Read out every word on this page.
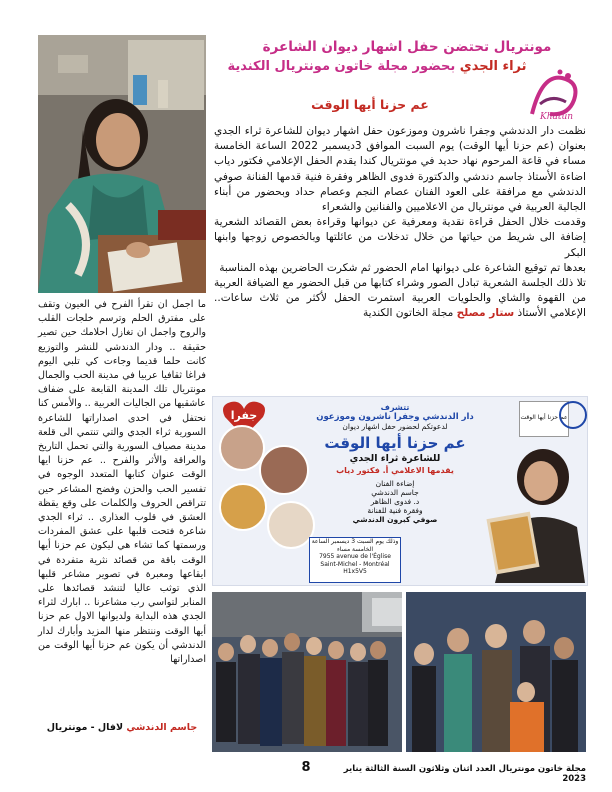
مونتريال تحتضن حفل اشهار ديوان الشاعرة
ثراء الجدي بحضور مجلة خاتون مونتريال الكندية
عم حزنا أيها الوقت
Khatun

نظمت دار الدندشي وجفرا ناشرون وموزعون حفل اشهار ديوان للشاعرة ثراء الجدي بعنوان (عم حزنا أيها الوقت) يوم السبت الموافق 3ديسمبر 2022 الساعة الخامسة مساء في قاعة المرحوم نهاد حديد في مونتريال كندا يقدم الحفل الإعلامي فكتور دياب اضاءة الأستاذ جاسم دندشي والدكتورة فدوى الظاهر وفقرة فنية قدمها الفنانة صوفي الدندشي مع مرافقة على العود الفنان عصام النجم وعصام حداد وبحضور من أبناء الجالية العربية في مونتريال من الاعلاميين والفنانين والشعراء

وقدمت خلال الحفل قراءة نقدية ومعرفية عن ديوانها وقراءة بعض القصائد الشعرية إضافة الى شريط من حياتها من خلال تدخلات من عائلتها وبالخصوص زوجها وابنها البكر

بعدها تم توقيع الشاعرة على ديوانها امام الحضور ثم شكرت الحاضرين بهذه المناسبة

تلا ذلك الجلسة الشعرية تبادل الصور وشراء كتابها من قبل الحضور مع الضيافة العربية من القهوة والشاي والحلويات العربية استمرت الحفل لأكثر من ثلاث ساعات.. الإعلامي الأستاذ ستار مصلح مجلة الخاتون الكندية

ما اجمل ان تقرأ الفرح في العيون وتقف على مفترق الحلم وترسم خلجات القلب والروح واجمل ان تغازل احلامك حين تصير حقيقة .. ودار الدندشي للنشر والتوزيع كانت حلما قديما وجاءت كي تلبي اليوم فراغا ثقافيا عربيا في مدينة الحب والجمال مونتريال تلك المدينة القابعة على ضفاف عاشقيها من الجاليات العربية .. والأمس كنا نحتفل في احدى اصداراتها للشاعرة السورية ثراء الجدي والتي تنتمي الى قلعة مدينة مصياف السورية والتي تحمل التاريخ والعراقة والأثر والفرح .. عم حزنا ايها الوقت عنوان كتابها المتعدد الوجوه في تفسير الحب والحزن وفضح المشاعر حين تتراقص الحروف والكلمات على وقع يقظة العشق في قلوب العذارى .. ثراء الجدي شاعرة فتحت قلبها على عشق المفردات ورسمتها كما تشاء هي ليكون عم حزنا أيها الوقت باقة من قصائد نثرية متفردة في ايقاعها ومعبرة في تصوير مشاعر قلبها الذي توثب عاليا لتنشد قصائدها على المنابر لتواسي رب مشاعرنا .. ابارك لثراء الجدي هذه البداية ولديوانها الاول عم حزنا أيها الوقت وننتظر منها المزيد وأبارك لدار الدندشي أن يكون عم حزنا أيها الوقت من اصداراتها
جاسم الدندشي لافال - مونتريال
جفرا
وذلك يوم السبت 3 ديسمبر الساعة الخامسة مساء
7955 avenue de l'Église
Saint-Michel - Montréal
H1x5V5
تتشرف
دار الدندشي وجفرا ناشرون وموزعون
لدعوتكم لحضور حفل اشهار ديوان
عم حزنا أيها الوقت
للشاعرة ثراء الجدي
يقدمها الاعلامي أ. فكتور دياب
إضاءة الفنان
جاسم الدندشي
د. فدوى الظاهر
وفقرة فنية للفنانة
صوفي كبرون الدندشي
عم حزنا أيها الوقت
8	مجلة خاتون مونتريال العدد اثنان وثلاثون السنة الثالثة يناير 2023
